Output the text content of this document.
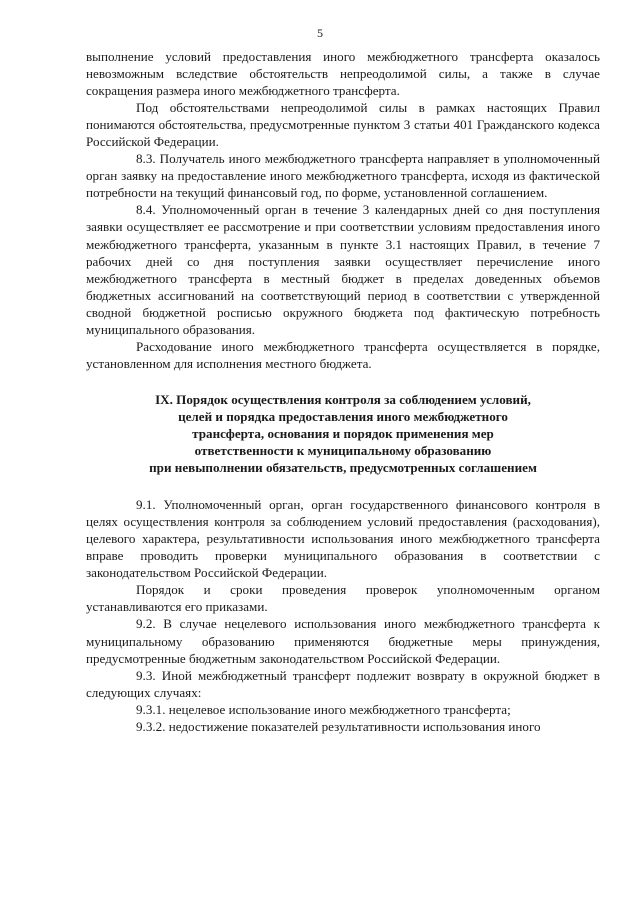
5

выполнение условий предоставления иного межбюджетного трансферта оказалось невозможным вследствие обстоятельств непреодолимой силы, а также в случае сокращения размера иного межбюджетного трансферта.

Под обстоятельствами непреодолимой силы в рамках настоящих Правил понимаются обстоятельства, предусмотренные пунктом 3 статьи 401 Гражданского кодекса Российской Федерации.

8.3. Получатель иного межбюджетного трансферта направляет в уполномоченный орган заявку на предоставление иного межбюджетного трансферта, исходя из фактической потребности на текущий финансовый год, по форме, установленной соглашением.

8.4. Уполномоченный орган в течение 3 календарных дней со дня поступления заявки осуществляет ее рассмотрение и при соответствии условиям предоставления иного межбюджетного трансферта, указанным в пункте 3.1 настоящих Правил, в течение 7 рабочих дней со дня поступления заявки осуществляет перечисление иного межбюджетного трансферта в местный бюджет в пределах доведенных объемов бюджетных ассигнований на соответствующий период в соответствии с утвержденной сводной бюджетной росписью окружного бюджета под фактическую потребность муниципального образования.

Расходование иного межбюджетного трансферта осуществляется в порядке, установленном для исполнения местного бюджета.

IX. Порядок осуществления контроля за соблюдением условий,
целей и порядка предоставления иного межбюджетного
трансферта, основания и порядок применения мер
ответственности к муниципальному образованию
при невыполнении обязательств, предусмотренных соглашением

9.1. Уполномоченный орган, орган государственного финансового контроля в целях осуществления контроля за соблюдением условий предоставления (расходования), целевого характера, результативности использования иного межбюджетного трансферта вправе проводить проверки муниципального образования в соответствии с законодательством Российской Федерации.

Порядок и сроки проведения проверок уполномоченным органом устанавливаются его приказами.

9.2. В случае нецелевого использования иного межбюджетного трансферта к муниципальному образованию применяются бюджетные меры принуждения, предусмотренные бюджетным законодательством Российской Федерации.

9.3. Иной межбюджетный трансферт подлежит возврату в окружной бюджет в следующих случаях:

9.3.1. нецелевое использование иного межбюджетного трансферта;

9.3.2. недостижение показателей результативности использования иного
